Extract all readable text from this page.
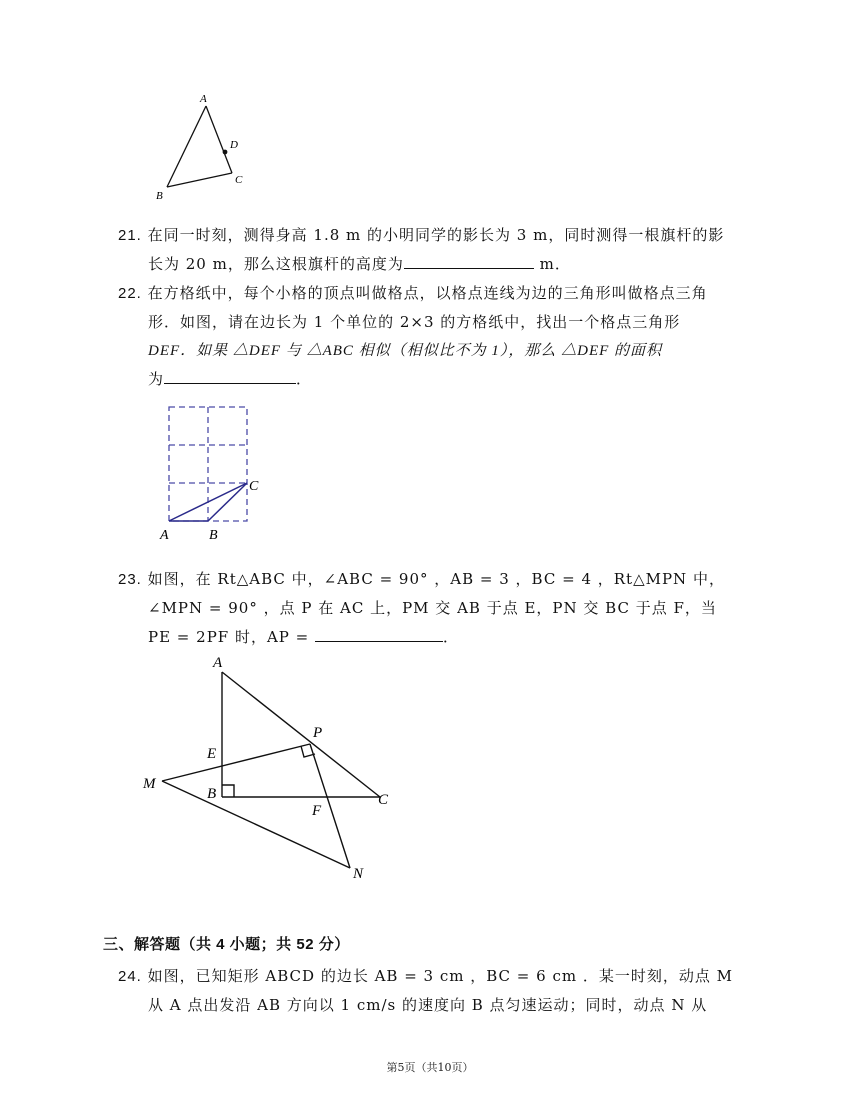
A
D
C
B
21. 在同一时刻，测得身高 1.8 m 的小明同学的影长为 3 m，同时测得一根旗杆的影
长为 20 m，那么这根旗杆的高度为	m．
22. 在方格纸中，每个小格的顶点叫做格点，以格点连线为边的三角形叫做格点三角
形．如图，请在边长为 1 个单位的 2×3 的方格纸中，找出一个格点三角形
DEF．如果 △DEF 与 △ABC 相似（相似比不为 1），那么 △DEF 的面积
为	．
A	B
C
23. 如图，在 Rt△ABC 中，∠ABC = 90° ，AB = 3 ，BC = 4 ，Rt△MPN 中，
∠MPN = 90° ，点 P 在 AC 上，PM 交 AB 于点 E，PN 交 BC 于点 F，当
PE = 2PF 时，AP =	．
A
P
E
M
B	C
F
N
三、解答题（共 4 小题；共 52 分）
24. 如图，已知矩形 ABCD 的边长 AB = 3 cm ，BC = 6 cm ．某一时刻，动点 M
从 A 点出发沿 AB 方向以 1 cm/s 的速度向 B 点匀速运动；同时，动点 N 从
第5页（共10页）
